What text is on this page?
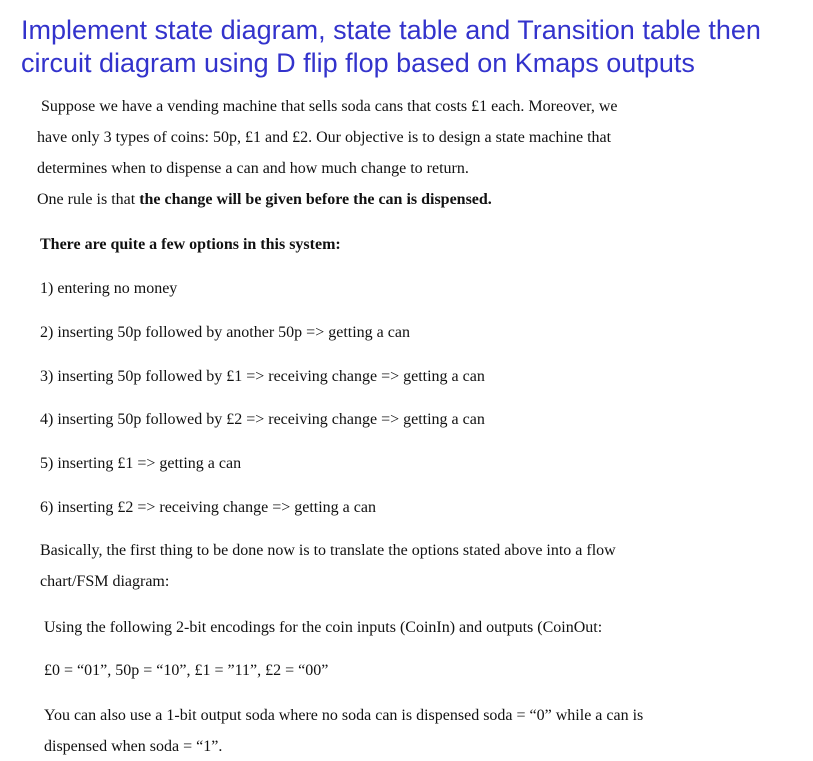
Implement state diagram, state table and Transition table then circuit diagram using D flip flop based on Kmaps outputs

Suppose we have a vending machine that sells soda cans that costs £1 each. Moreover, we

have only 3 types of coins: 50p, £1 and £2. Our objective is to design a state machine that

determines when to dispense a can and how much change to return.

One rule is that the change will be given before the can is dispensed.

There are quite a few options in this system:

1) entering no money

2) inserting 50p followed by another 50p => getting a can

3) inserting 50p followed by £1 => receiving change => getting a can

4) inserting 50p followed by £2 => receiving change => getting a can

5) inserting £1 => getting a can

6) inserting £2 => receiving change => getting a can

Basically, the first thing to be done now is to translate the options stated above into a flow

chart/FSM diagram:

Using the following 2-bit encodings for the coin inputs (CoinIn) and outputs (CoinOut:

£0 = “01”, 50p = “10”, £1 = ”11”, £2 = “00”

You can also use a 1-bit output soda where no soda can is dispensed soda = “0” while a can is

dispensed when soda = “1”.
